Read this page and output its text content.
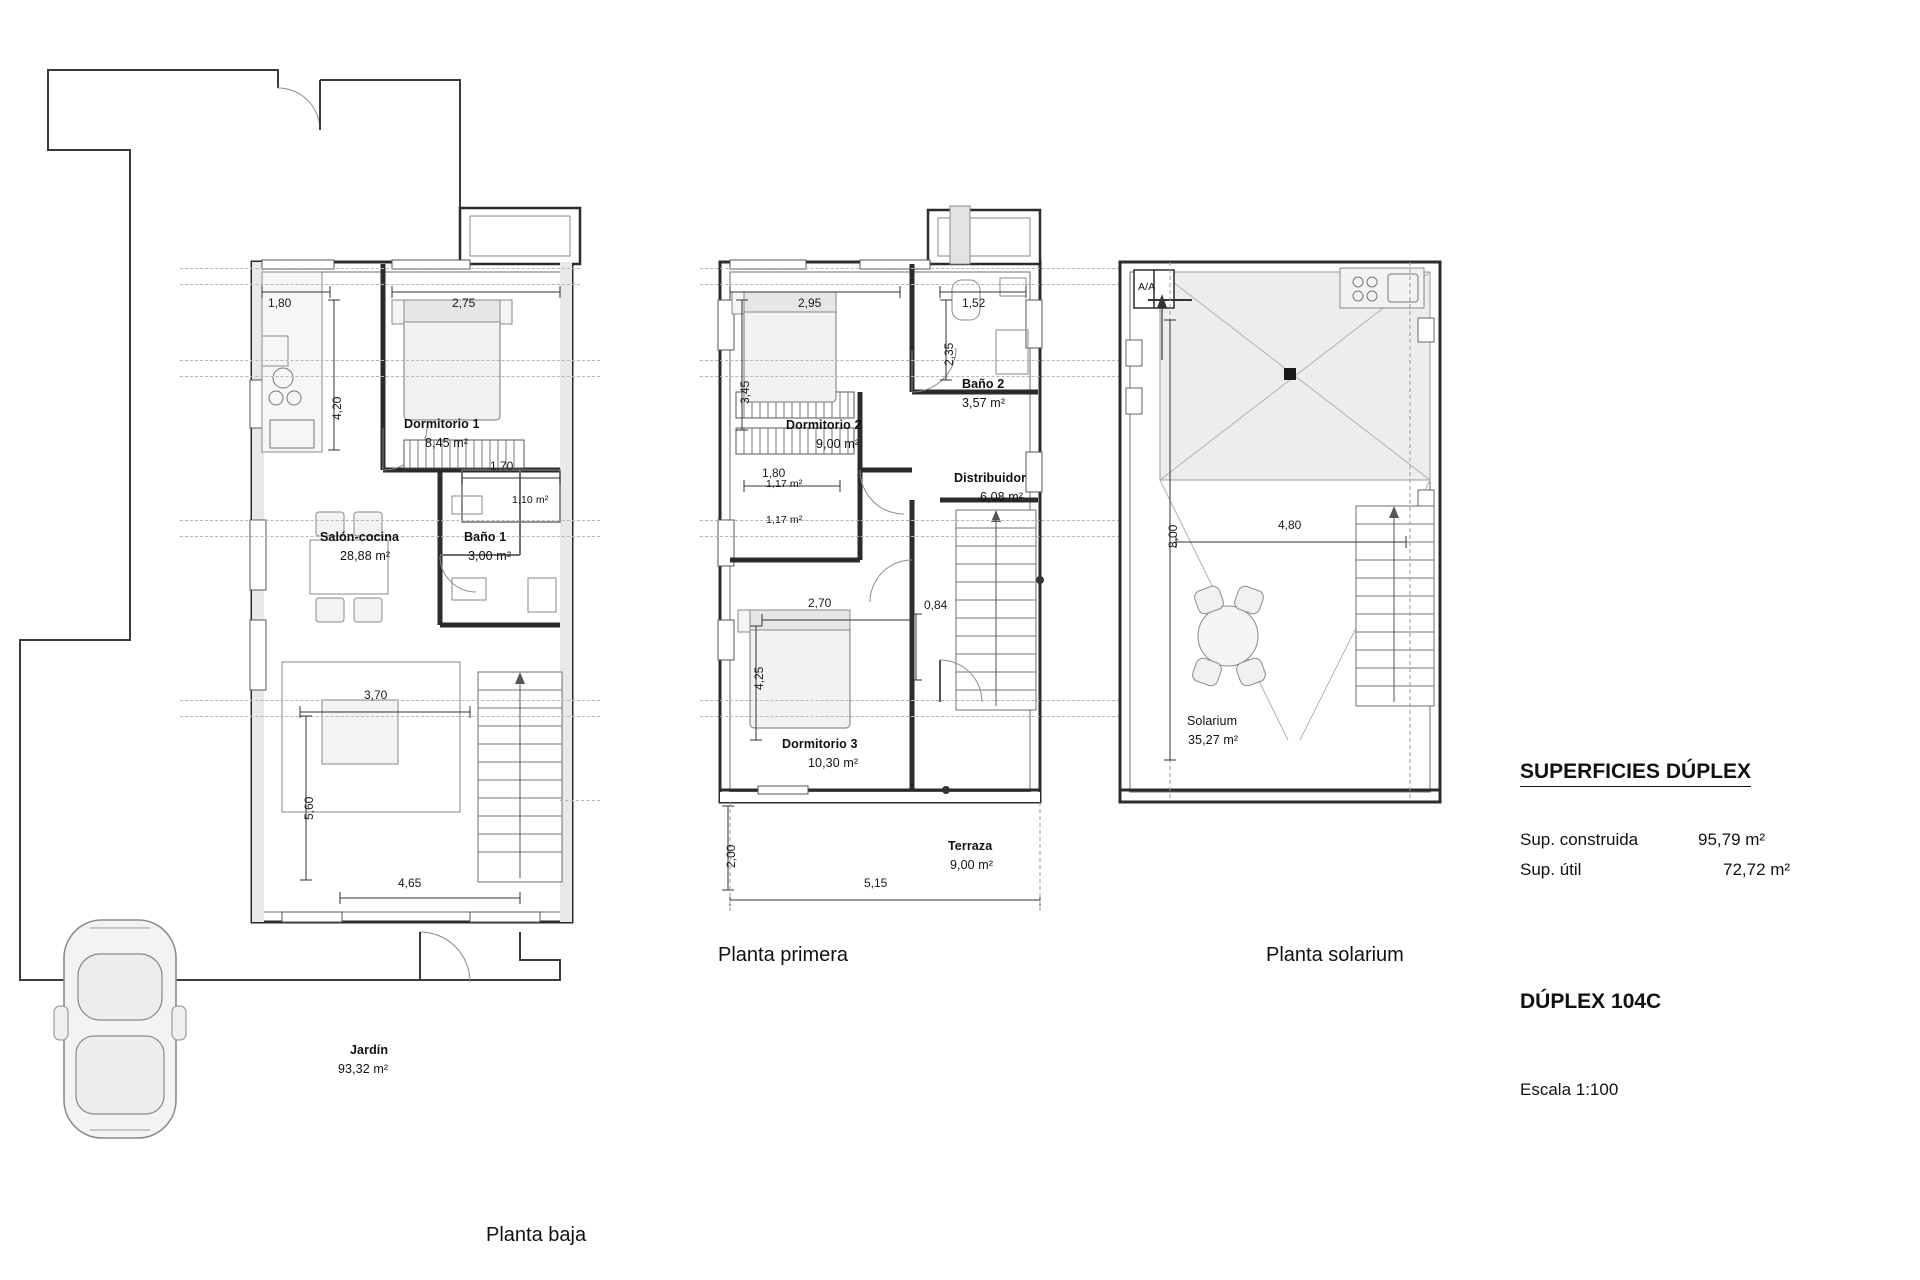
1,80	2,75
4,20
1,70
3,70
5,60
4,65
Dormitorio 1
8,45 m²
Salón-cocina
28,88 m²
Baño 1
3,00 m²
1,10 m²
Jardín
93,32 m²
Planta baja
2,95	1,52
2,35
3,45
1,80
2,70	0,84
4,25
2,00
5,15
Dormitorio 2
9,00 m²
Baño 2
3,57 m²
Distribuidor
6,08 m²
1,17 m²
1,17 m²
Dormitorio 3
10,30 m²
Terraza
9,00 m²
Planta primera
8,00	4,80
A/A
Solarium
35,27 m²
Planta solarium
SUPERFICIES DÚPLEX
Sup. construida	95,79 m²
Sup. útil	72,72 m²
DÚPLEX 104C
Escala 1:100
